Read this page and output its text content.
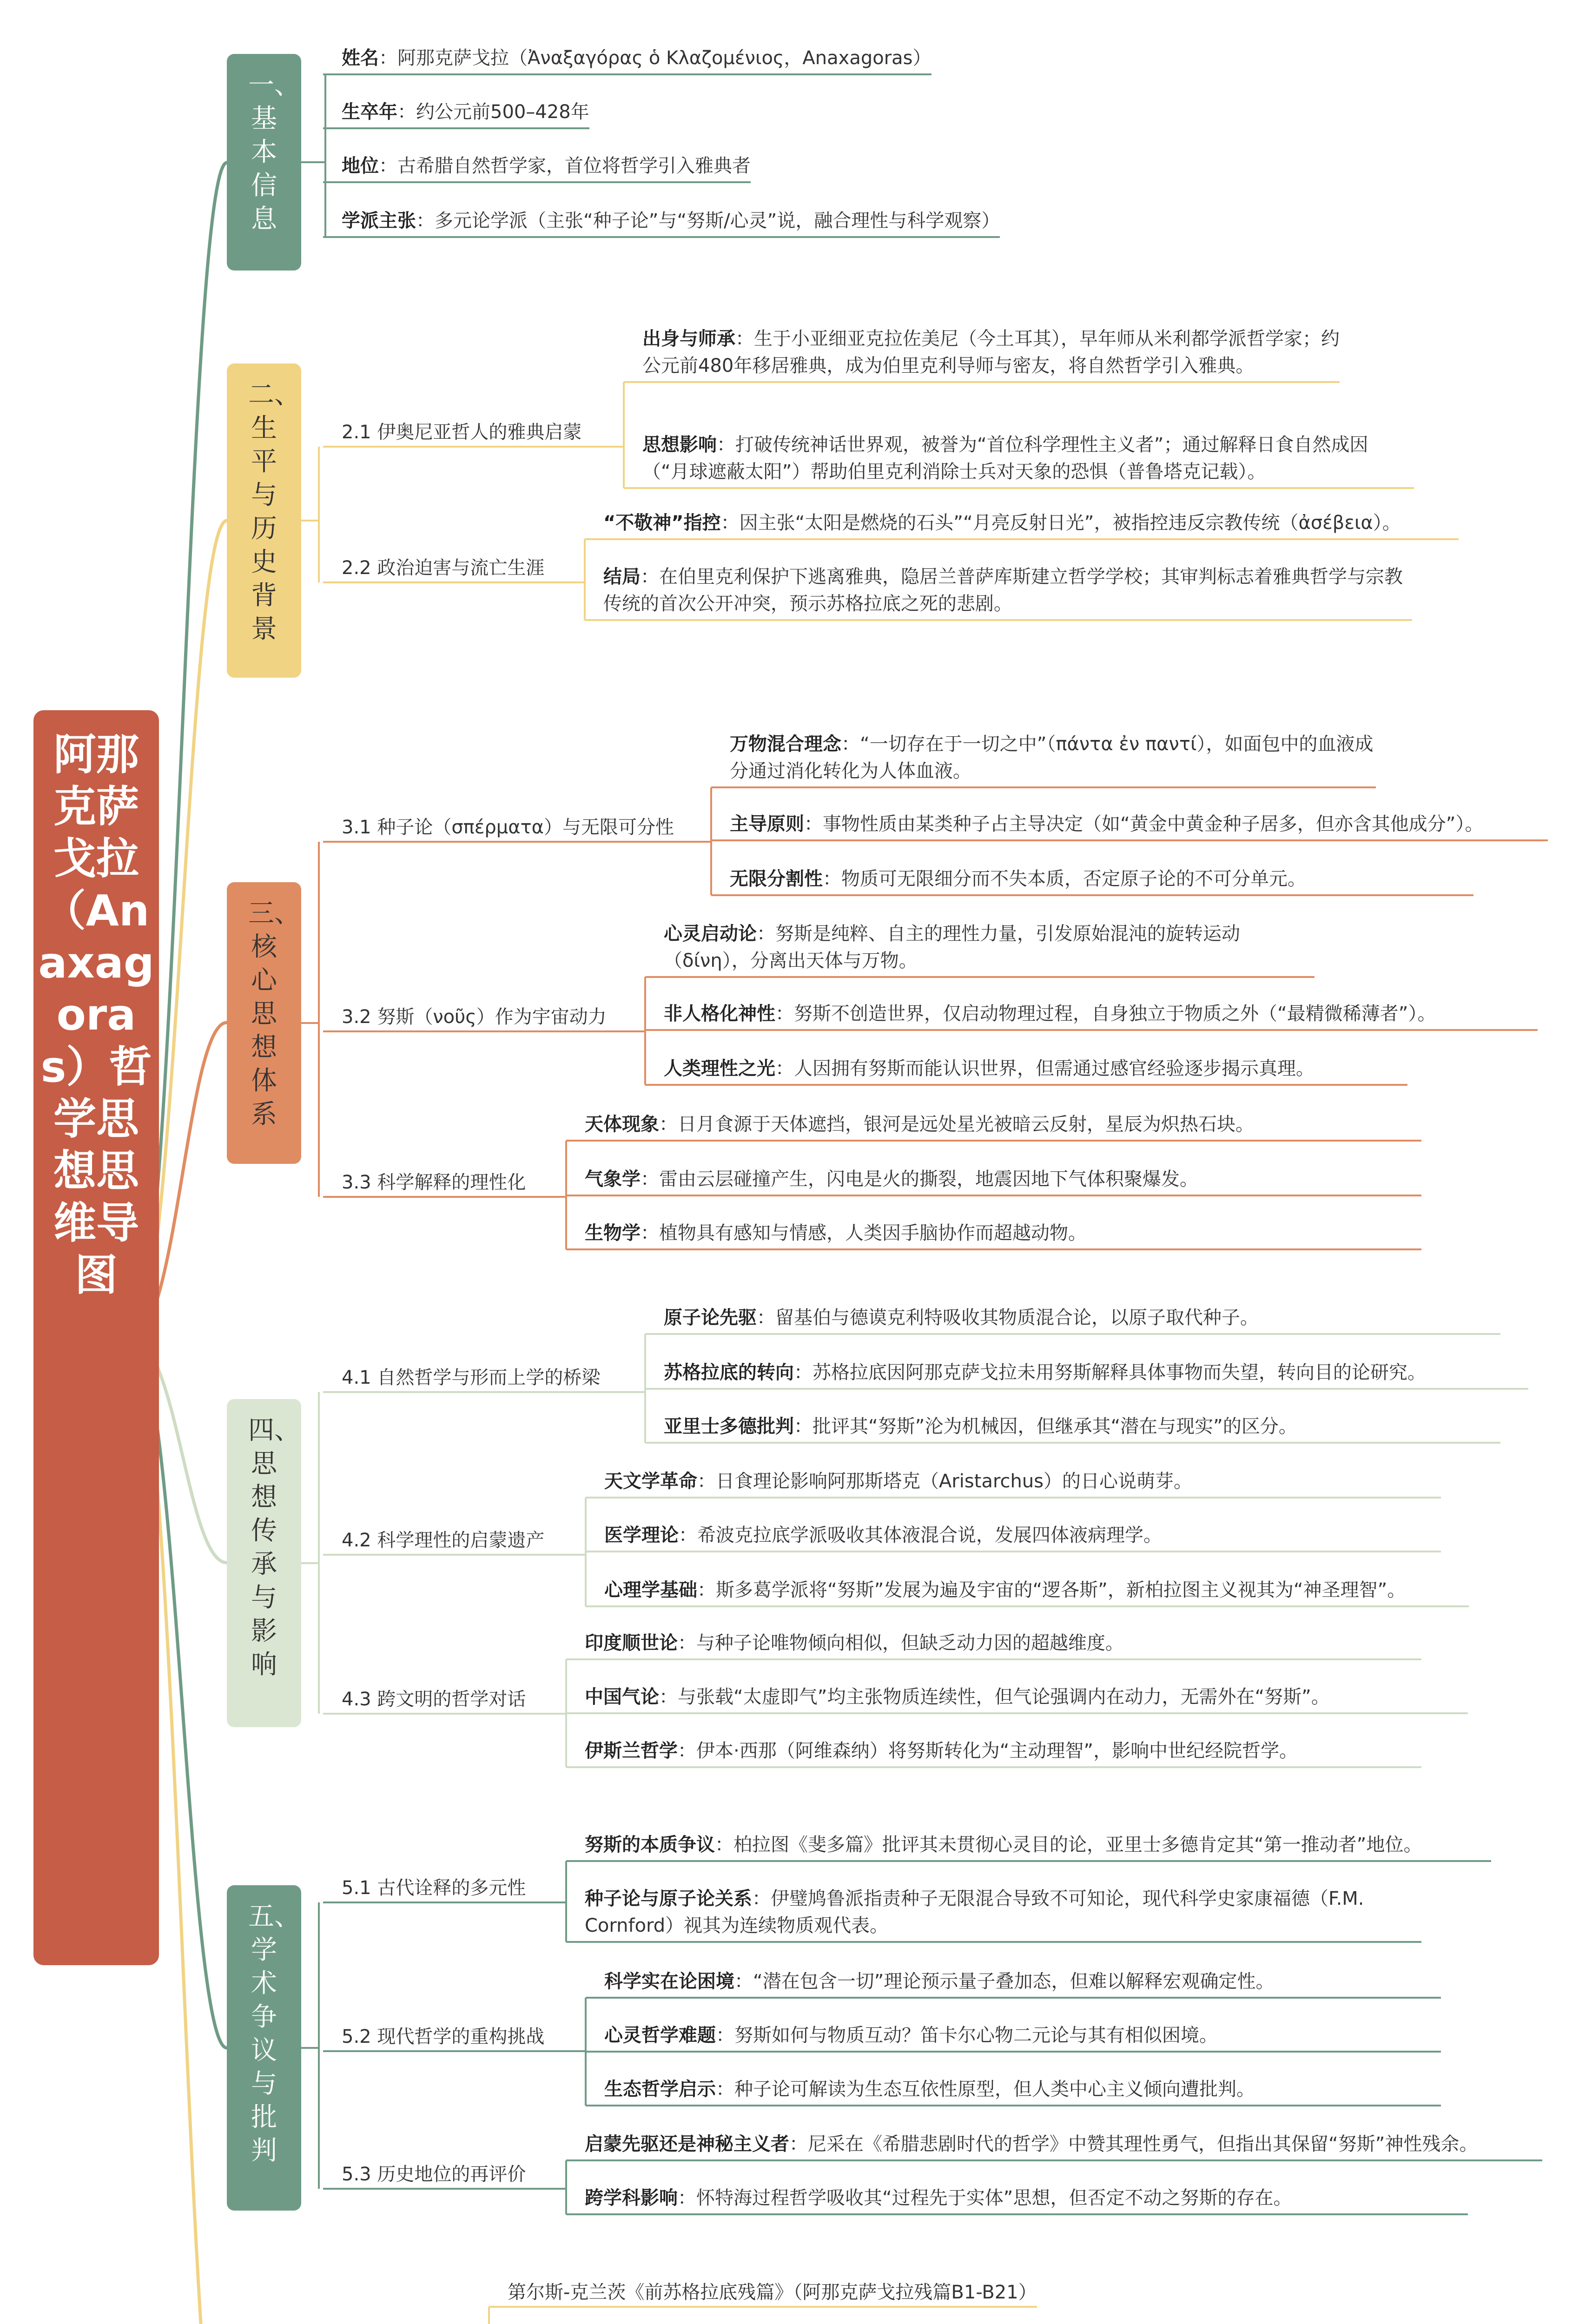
阿那克萨戈拉（Anaxagoras）哲学思想思维导图
一、基本信息
姓名：阿那克萨戈拉（Ἀναξαγόρας ὁ Κλαζομένιος，Anaxagoras）
生卒年：约公元前500–428年
地位：古希腊自然哲学家，首位将哲学引入雅典者
学派主张：多元论学派（主张“种子论”与“努斯/心灵”说，融合理性与科学观察）
二、生平与历史背景
2.1 伊奥尼亚哲人的雅典启蒙
出身与师承：生于小亚细亚克拉佐美尼（今土耳其），早年师从米利都学派哲学家；约公元前480年移居雅典，成为伯里克利导师与密友，将自然哲学引入雅典。
思想影响：打破传统神话世界观，被誉为“首位科学理性主义者”；通过解释日食自然成因（“月球遮蔽太阳”）帮助伯里克利消除士兵对天象的恐惧（普鲁塔克记载）。
2.2 政治迫害与流亡生涯
“不敬神”指控：因主张“太阳是燃烧的石头”“月亮反射日光”，被指控违反宗教传统（ἀσέβεια）。
结局：在伯里克利保护下逃离雅典，隐居兰普萨库斯建立哲学学校；其审判标志着雅典哲学与宗教传统的首次公开冲突，预示苏格拉底之死的悲剧。
三、核心思想体系
3.1 种子论（σπέρματα）与无限可分性
万物混合理念：“一切存在于一切之中”（πάντα ἐν παντί），如面包中的血液成分通过消化转化为人体血液。
主导原则：事物性质由某类种子占主导决定（如“黄金中黄金种子居多，但亦含其他成分”）。
无限分割性：物质可无限细分而不失本质，否定原子论的不可分单元。
3.2 努斯（νοῦς）作为宇宙动力
心灵启动论：努斯是纯粹、自主的理性力量，引发原始混沌的旋转运动（δίνη），分离出天体与万物。
非人格化神性：努斯不创造世界，仅启动物理过程，自身独立于物质之外（“最精微稀薄者”）。
人类理性之光：人因拥有努斯而能认识世界，但需通过感官经验逐步揭示真理。
3.3 科学解释的理性化
天体现象：日月食源于天体遮挡，银河是远处星光被暗云反射，星辰为炽热石块。
气象学：雷由云层碰撞产生，闪电是火的撕裂，地震因地下气体积聚爆发。
生物学：植物具有感知与情感，人类因手脑协作而超越动物。
四、思想传承与影响
4.1 自然哲学与形而上学的桥梁
原子论先驱：留基伯与德谟克利特吸收其物质混合论，以原子取代种子。
苏格拉底的转向：苏格拉底因阿那克萨戈拉未用努斯解释具体事物而失望，转向目的论研究。
亚里士多德批判：批评其“努斯”沦为机械因，但继承其“潜在与现实”的区分。
4.2 科学理性的启蒙遗产
天文学革命：日食理论影响阿那斯塔克（Aristarchus）的日心说萌芽。
医学理论：希波克拉底学派吸收其体液混合说，发展四体液病理学。
心理学基础：斯多葛学派将“努斯”发展为遍及宇宙的“逻各斯”，新柏拉图主义视其为“神圣理智”。
4.3 跨文明的哲学对话
印度顺世论：与种子论唯物倾向相似，但缺乏动力因的超越维度。
中国气论：与张载“太虚即气”均主张物质连续性，但气论强调内在动力，无需外在“努斯”。
伊斯兰哲学：伊本·西那（阿维森纳）将努斯转化为“主动理智”，影响中世纪经院哲学。
五、学术争议与批判
5.1 古代诠释的多元性
努斯的本质争议：柏拉图《斐多篇》批评其未贯彻心灵目的论，亚里士多德肯定其“第一推动者”地位。
种子论与原子论关系：伊璧鸠鲁派指责种子无限混合导致不可知论，现代科学史家康福德（F.M. Cornford）视其为连续物质观代表。
5.2 现代哲学的重构挑战
科学实在论困境：“潜在包含一切”理论预示量子叠加态，但难以解释宏观确定性。
心灵哲学难题：努斯如何与物质互动？笛卡尔心物二元论与其有相似困境。
生态哲学启示：种子论可解读为生态互依性原型，但人类中心主义倾向遭批判。
5.3 历史地位的再评价
启蒙先驱还是神秘主义者：尼采在《希腊悲剧时代的哲学》中赞其理性勇气，但指出其保留“努斯”神性残余。
跨学科影响：怀特海过程哲学吸收其“过程先于实体”思想，但否定不动之努斯的存在。
第尔斯-克兰茨《前苏格拉底残篇》（阿那克萨戈拉残篇B1-B21）
